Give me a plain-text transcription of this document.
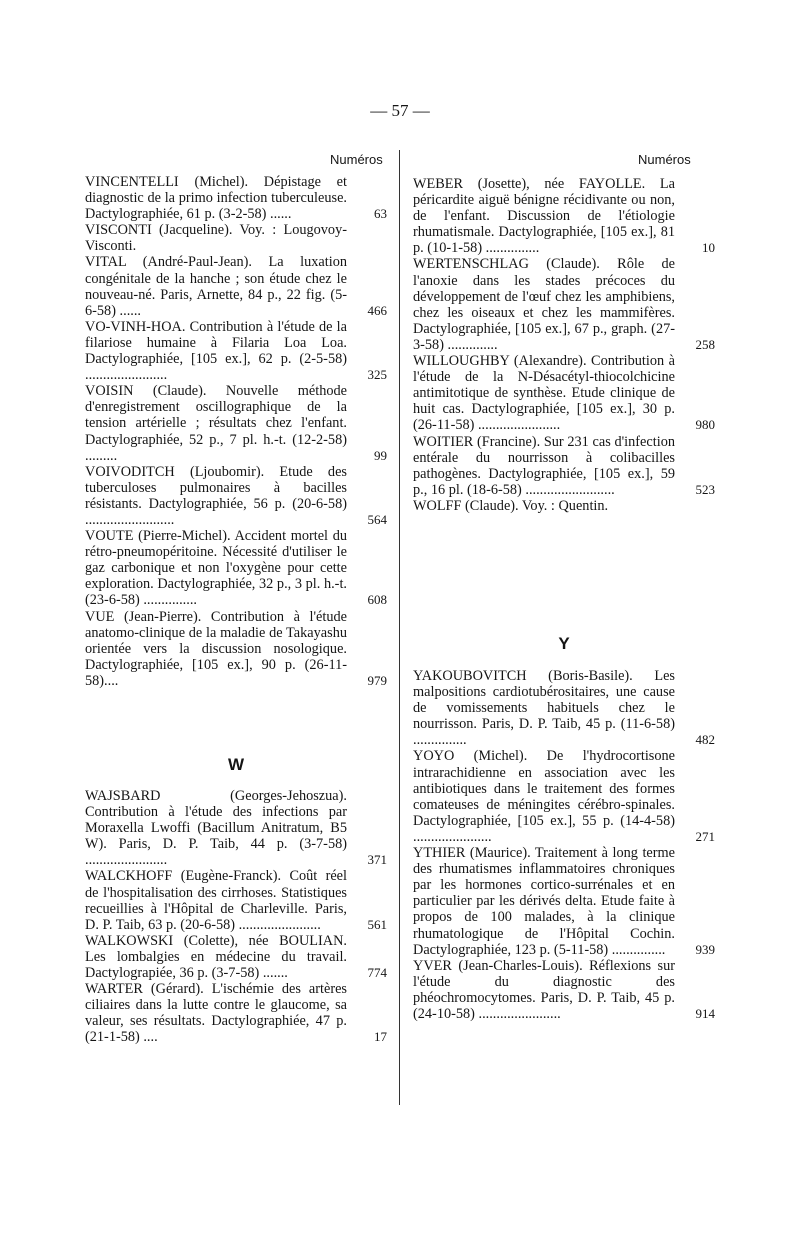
— 57 —
Numéros
VINCENTELLI (Michel). Dépistage et diagnostic de la primo infection tuberculeuse. Dactylographiée, 61 p. (3-2-58) ......	63
VISCONTI (Jacqueline). Voy. : Lougovoy-Visconti.
VITAL (André-Paul-Jean). La luxation congénitale de la hanche ; son étude chez le nouveau-né. Paris, Arnette, 84 p., 22 fig. (5-6-58) ......	466
VO-VINH-HOA. Contribution à l'étude de la filariose humaine à Filaria Loa Loa. Dactylographiée, [105 ex.], 62 p. (2-5-58) .......................	325
VOISIN (Claude). Nouvelle méthode d'enregistrement oscillographique de la tension artérielle ; résultats chez l'enfant. Dactylographiée, 52 p., 7 pl. h.-t. (12-2-58) .........	99
VOIVODITCH (Ljoubomir). Etude des tuberculoses pulmonaires à bacilles résistants. Dactylographiée, 56 p. (20-6-58) .........................	564
VOUTE (Pierre-Michel). Accident mortel du rétro-pneumopéritoine. Nécessité d'utiliser le gaz carbonique et non l'oxygène pour cette exploration. Dactylographiée, 32 p., 3 pl. h.-t. (23-6-58) ...............	608
VUE (Jean-Pierre). Contribution à l'étude anatomo-clinique de la maladie de Takayashu orientée vers la discussion nosologique. Dactylographiée, [105 ex.], 90 p. (26-11-58)....	979
W
WAJSBARD (Georges-Jehoszua). Contribution à l'étude des infections par Moraxella Lwoffi (Bacillum Anitratum, B5 W). Paris, D. P. Taib, 44 p. (3-7-58) .......................	371
WALCKHOFF (Eugène-Franck). Coût réel de l'hospitalisation des cirrhoses. Statistiques recueillies à l'Hôpital de Charleville. Paris, D. P. Taib, 63 p. (20-6-58) .......................	561
WALKOWSKI (Colette), née BOULIAN. Les lombalgies en médecine du travail. Dactylograpiée, 36 p. (3-7-58) .......	774
WARTER (Gérard). L'ischémie des artères ciliaires dans la lutte contre le glaucome, sa valeur, ses résultats. Dactylographiée, 47 p. (21-1-58) ....	17
Numéros
WEBER (Josette), née FAYOLLE. La péricardite aiguë bénigne récidivante ou non, de l'enfant. Discussion de l'étiologie rhumatismale. Dactylographiée, [105 ex.], 81 p. (10-1-58) ...............	10
WERTENSCHLAG (Claude). Rôle de l'anoxie dans les stades précoces du développement de l'œuf chez les amphibiens, chez les oiseaux et chez les mammifères. Dactylographiée, [105 ex.], 67 p., graph. (27-3-58) ..............	258
WILLOUGHBY (Alexandre). Contribution à l'étude de la N-Désacétyl-thiocolchicine antimitotique de synthèse. Etude clinique de huit cas. Dactylographiée, [105 ex.], 30 p. (26-11-58) .......................	980
WOITIER (Francine). Sur 231 cas d'infection entérale du nourrisson à colibacilles pathogènes. Dactylographiée, [105 ex.], 59 p., 16 pl. (18-6-58) .........................	523
WOLFF (Claude). Voy. : Quentin.
Y
YAKOUBOVITCH (Boris-Basile). Les malpositions cardiotubérositaires, une cause de vomissements habituels chez le nourrisson. Paris, D. P. Taib, 45 p. (11-6-58) ...............	482
YOYO (Michel). De l'hydrocortisone intrarachidienne en association avec les antibiotiques dans le traitement des formes comateuses de méningites cérébro-spinales. Dactylographiée, [105 ex.], 55 p. (14-4-58) ......................	271
YTHIER (Maurice). Traitement à long terme des rhumatismes inflammatoires chroniques par les hormones cortico-surrénales et en particulier par les dérivés delta. Etude faite à propos de 100 malades, à la clinique rhumatologique de l'Hôpital Cochin. Dactylographiée, 123 p. (5-11-58) ...............	939
YVER (Jean-Charles-Louis). Réflexions sur l'étude du diagnostic des phéochromocytomes. Paris, D. P. Taib, 45 p. (24-10-58) .......................	914
